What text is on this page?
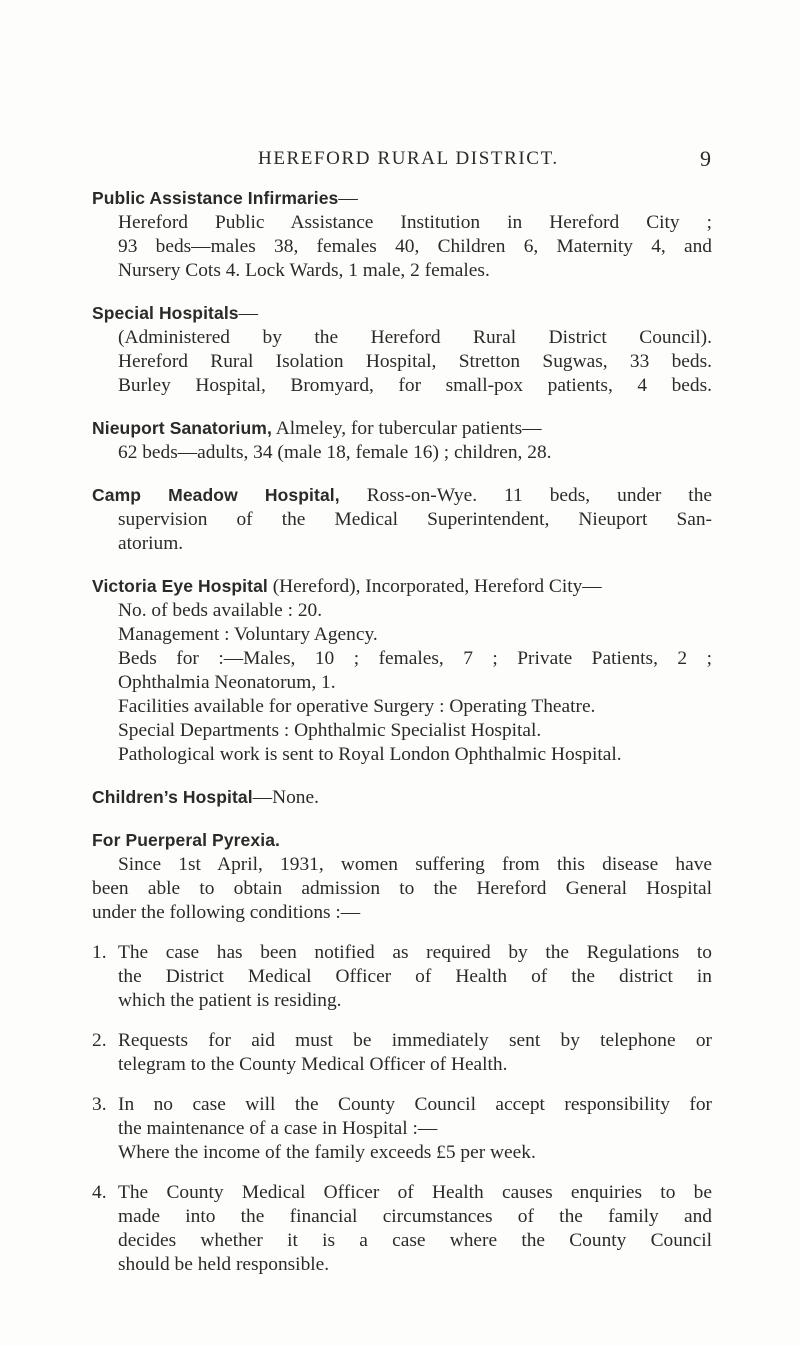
HEREFORD RURAL DISTRICT.	9
Public Assistance Infirmaries—
Hereford Public Assistance Institution in Hereford City ;
93 beds—males 38, females 40, Children 6, Maternity 4, and
Nursery Cots 4. Lock Wards, 1 male, 2 females.
Special Hospitals—
(Administered by the Hereford Rural District Council).
Hereford Rural Isolation Hospital, Stretton Sugwas, 33 beds.
Burley Hospital, Bromyard, for small-pox patients, 4 beds.
Nieuport Sanatorium, Almeley, for tubercular patients—
62 beds—adults, 34 (male 18, female 16) ; children, 28.
Camp Meadow Hospital, Ross-on-Wye. 11 beds, under the
supervision of the Medical Superintendent, Nieuport San-
atorium.
Victoria Eye Hospital (Hereford), Incorporated, Hereford City—
No. of beds available : 20.
Management : Voluntary Agency.
Beds for :—Males, 10 ; females, 7 ; Private Patients, 2 ;
Ophthalmia Neonatorum, 1.
Facilities available for operative Surgery : Operating Theatre.
Special Departments : Ophthalmic Specialist Hospital.
Pathological work is sent to Royal London Ophthalmic Hospital.
Children’s Hospital—None.
For Puerperal Pyrexia.
Since 1st April, 1931, women suffering from this disease have
been able to obtain admission to the Hereford General Hospital
under the following conditions :—
1. The case has been notified as required by the Regulations to
the District Medical Officer of Health of the district in
which the patient is residing.
2. Requests for aid must be immediately sent by telephone or
telegram to the County Medical Officer of Health.
3. In no case will the County Council accept responsibility for
the maintenance of a case in Hospital :—
Where the income of the family exceeds £5 per week.
4. The County Medical Officer of Health causes enquiries to be
made into the financial circumstances of the family and
decides whether it is a case where the County Council
should be held responsible.
